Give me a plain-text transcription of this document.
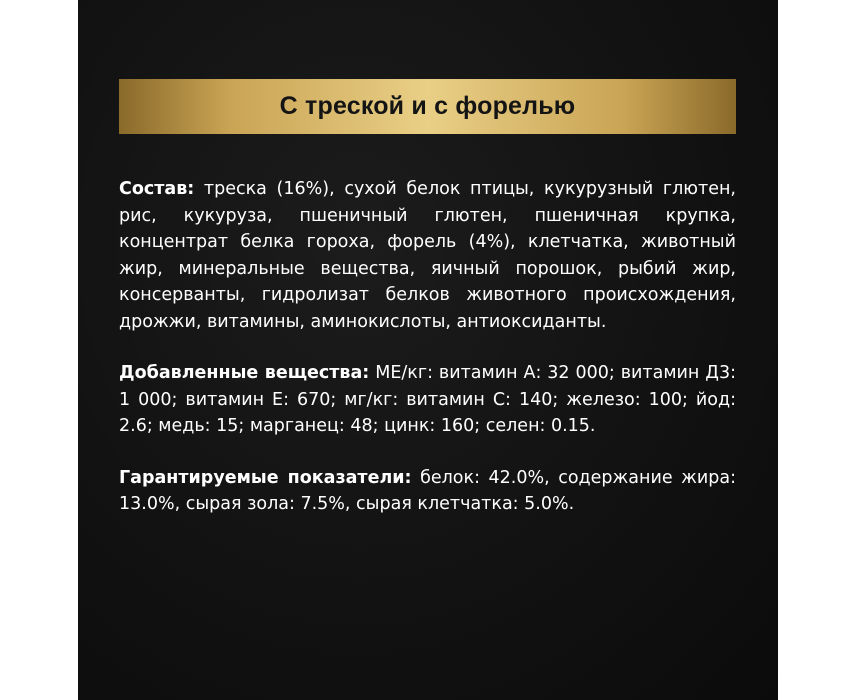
С треской и с форелью

Состав: треска (16%), сухой белок птицы, кукурузный глютен, рис, кукуруза, пшеничный глютен, пшеничная крупка, концентрат белка гороха, форель (4%), клетчатка, животный жир, минеральные вещества, яичный порошок, рыбий жир, консерванты, гидролизат белков животного происхождения, дрожжи, витамины, аминокислоты, антиоксиданты.

Добавленные вещества: МЕ/кг: витамин А: 32 000; витамин Д3: 1 000; витамин Е: 670; мг/кг: витамин С: 140; железо: 100; йод: 2.6; медь: 15; марганец: 48; цинк: 160; селен: 0.15.

Гарантируемые показатели: белок: 42.0%, содержание жира: 13.0%, сырая зола: 7.5%, сырая клетчатка: 5.0%.
